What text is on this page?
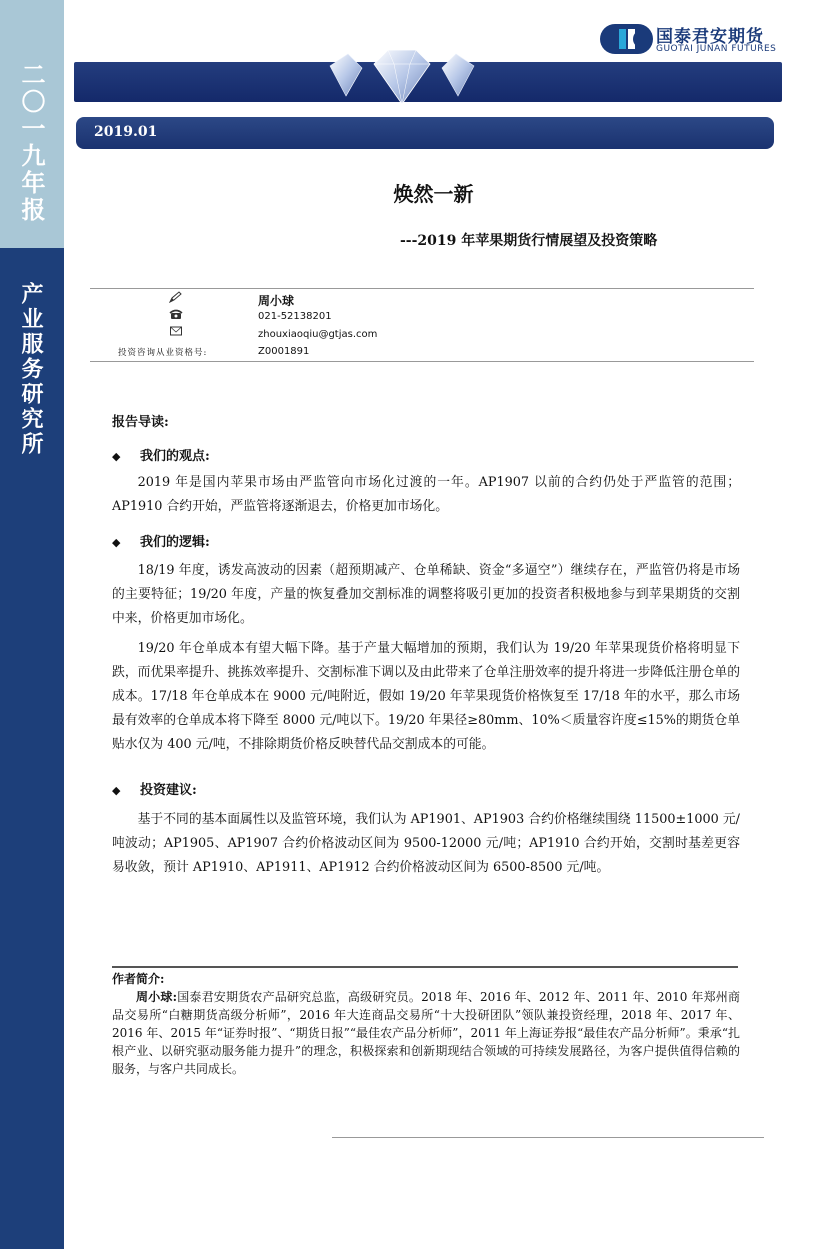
二〇一九年报
产业服务研究所
国泰君安期货
GUOTAI JUNAN FUTURES
2019.01
焕然一新
---2019 年苹果期货行情展望及投资策略
投资咨询从业资格号:
周小球
021-52138201
zhouxiaoqiu@gtjas.com
Z0001891
报告导读:
◆ 我们的观点:
2019 年是国内苹果市场由严监管向市场化过渡的一年。AP1907 以前的合约仍处于严监管的范围；AP1910 合约开始，严监管将逐渐退去，价格更加市场化。
◆ 我们的逻辑:
18/19 年度，诱发高波动的因素（超预期减产、仓单稀缺、资金“多逼空”）继续存在，严监管仍将是市场的主要特征；19/20 年度，产量的恢复叠加交割标准的调整将吸引更加的投资者积极地参与到苹果期货的交割中来，价格更加市场化。
19/20 年仓单成本有望大幅下降。基于产量大幅增加的预期，我们认为 19/20 年苹果现货价格将明显下跌，而优果率提升、挑拣效率提升、交割标准下调以及由此带来了仓单注册效率的提升将进一步降低注册仓单的成本。17/18 年仓单成本在 9000 元/吨附近，假如 19/20 年苹果现货价格恢复至 17/18 年的水平，那么市场最有效率的仓单成本将下降至 8000 元/吨以下。19/20 年果径≥80mm、10%＜质量容许度≤15%的期货仓单贴水仅为 400 元/吨，不排除期货价格反映替代品交割成本的可能。
◆ 投资建议:
基于不同的基本面属性以及监管环境，我们认为 AP1901、AP1903 合约价格继续围绕 11500±1000 元/吨波动；AP1905、AP1907 合约价格波动区间为 9500-12000 元/吨；AP1910 合约开始，交割时基差更容易收敛，预计 AP1910、AP1911、AP1912 合约价格波动区间为 6500-8500 元/吨。
作者简介:
周小球:国泰君安期货农产品研究总监，高级研究员。2018 年、2016 年、2012 年、2011 年、2010 年郑州商品交易所“白糖期货高级分析师”，2016 年大连商品交易所“十大投研团队”领队兼投资经理，2018 年、2017 年、2016 年、2015 年“证券时报”、“期货日报”“最佳农产品分析师”，2011 年上海证券报“最佳农产品分析师”。秉承“扎根产业、以研究驱动服务能力提升”的理念，积极探索和创新期现结合领域的可持续发展路径，为客户提供值得信赖的服务，与客户共同成长。
